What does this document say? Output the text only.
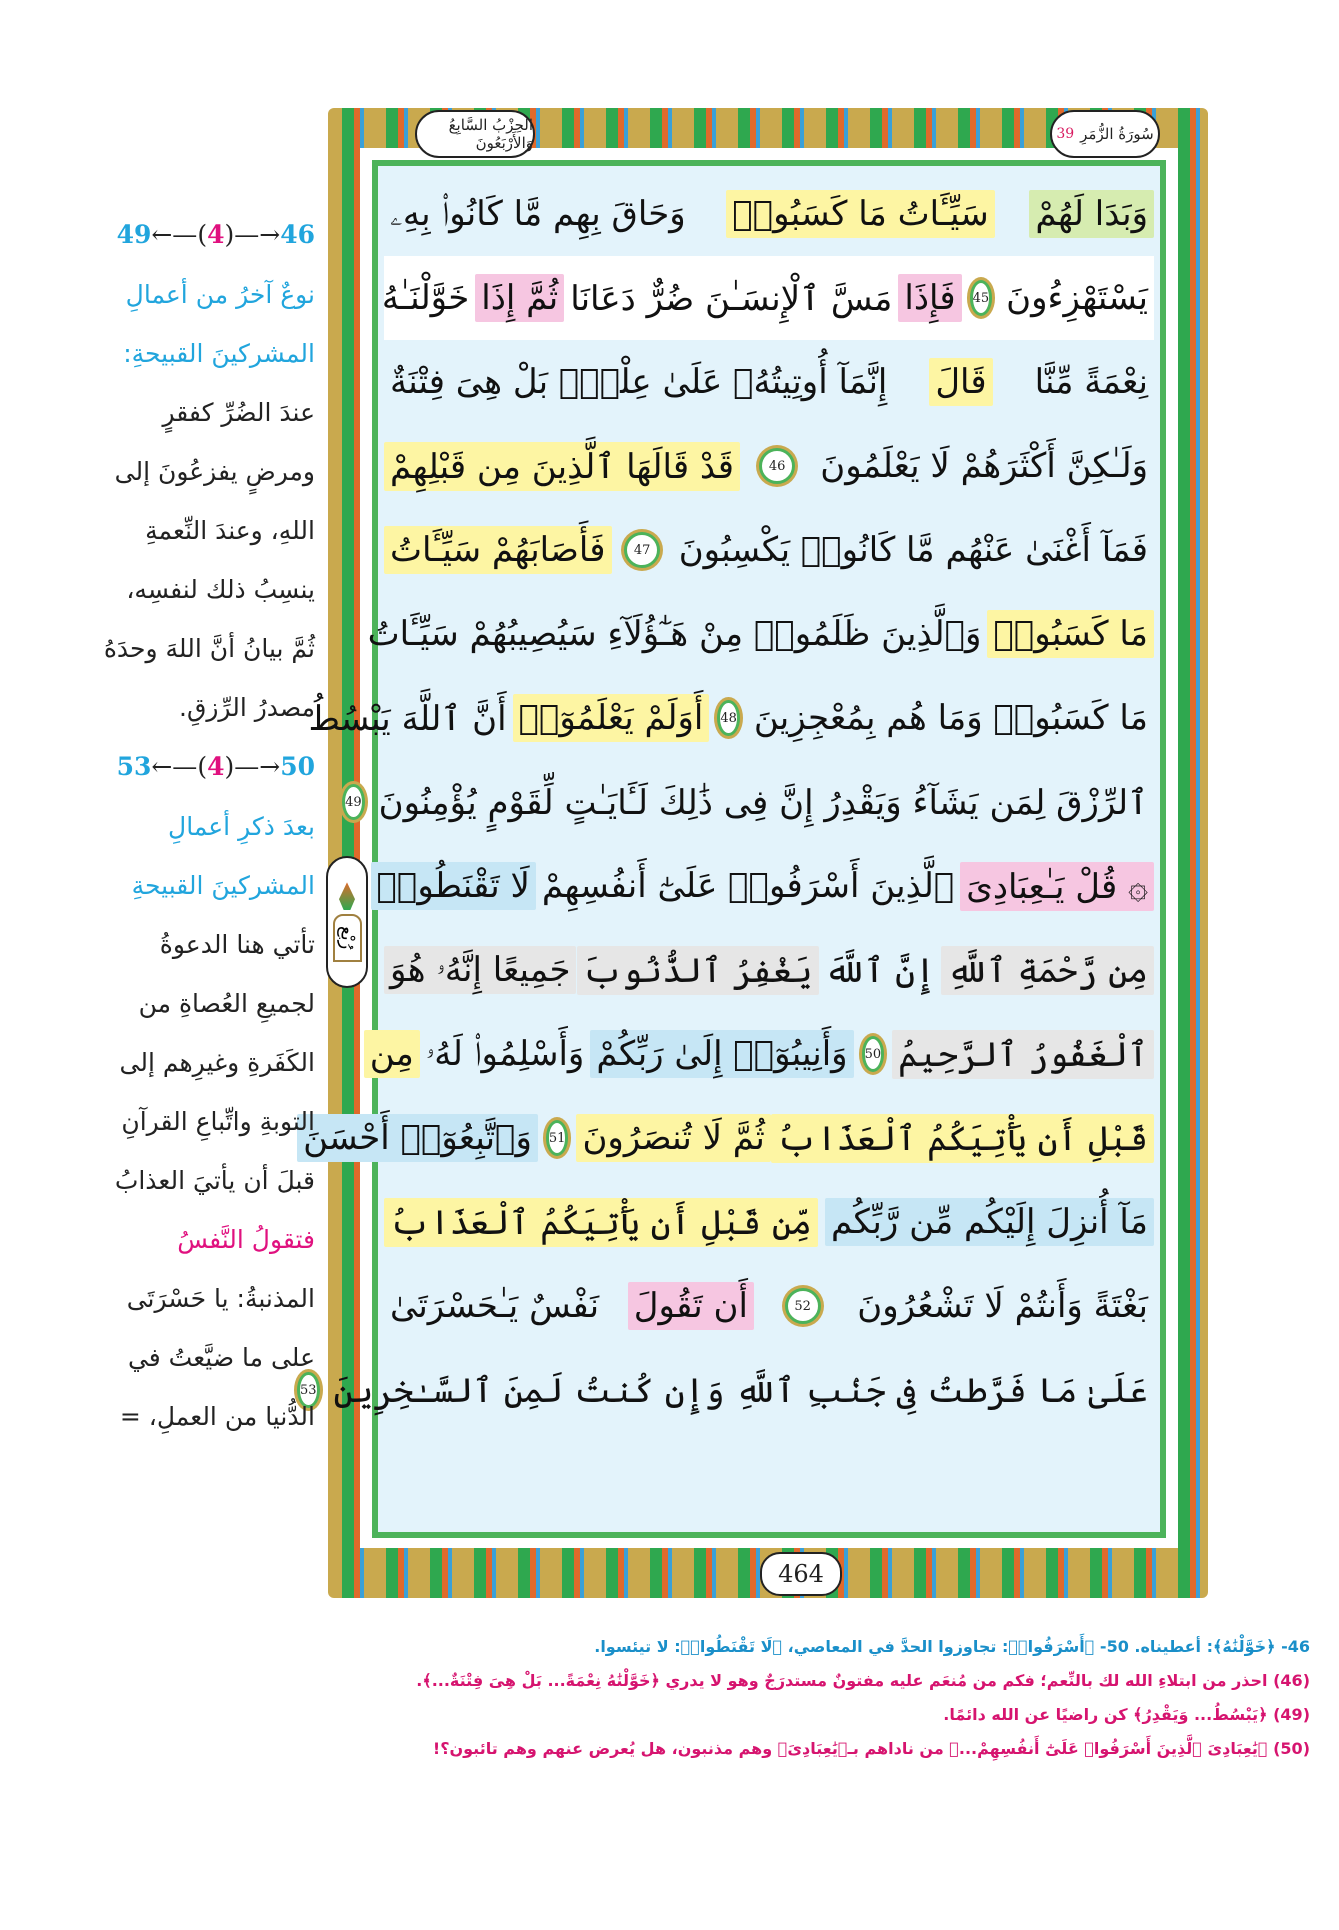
الحِزْبُ السَّابِعُ وَالأَرْبَعُونَ	سُورَةُ الزُّمَرِ
39
وَبَدَا لَهُمْ
سَيِّـَٔاتُ مَا كَسَبُوا۟
وَحَاقَ بِهِم مَّا كَانُوا۟ بِهِۦ
يَسْتَهْزِءُونَ
45
فَإِذَا
مَسَّ ٱلْإِنسَـٰنَ ضُرٌّ دَعَانَا
ثُمَّ إِذَا
خَوَّلْنَـٰهُ
نِعْمَةً مِّنَّا
قَالَ
إِنَّمَآ أُوتِيتُهُۥ عَلَىٰ عِلْمٍۭ بَلْ هِىَ فِتْنَةٌ
وَلَـٰكِنَّ أَكْثَرَهُمْ لَا يَعْلَمُونَ
46
قَدْ قَالَهَا ٱلَّذِينَ مِن قَبْلِهِمْ
فَمَآ أَغْنَىٰ عَنْهُم مَّا كَانُوا۟ يَكْسِبُونَ
47
فَأَصَابَهُمْ سَيِّـَٔاتُ
مَا كَسَبُوا۟
وَٱلَّذِينَ ظَلَمُوا۟ مِنْ هَـٰٓؤُلَآءِ سَيُصِيبُهُمْ سَيِّـَٔاتُ
مَا كَسَبُوا۟ وَمَا هُم بِمُعْجِزِينَ
48
أَوَلَمْ يَعْلَمُوٓا۟
أَنَّ ٱللَّهَ يَبْسُطُ
ٱلرِّزْقَ لِمَن يَشَآءُ وَيَقْدِرُ إِنَّ فِى ذَٰلِكَ لَـَٔايَـٰتٍ لِّقَوْمٍ يُؤْمِنُونَ
49
۞ قُلْ يَـٰعِبَادِىَ
ٱلَّذِينَ أَسْرَفُوا۟ عَلَىٰٓ أَنفُسِهِمْ
لَا تَقْنَطُوا۟
مِن رَّحْمَةِ ٱللَّهِ
إِنَّ ٱللَّهَ
يَغْفِرُ ٱلذُّنُوبَ
جَمِيعًا إِنَّهُۥ هُوَ
ٱلْغَفُورُ ٱلرَّحِيمُ
50
وَأَنِيبُوٓا۟ إِلَىٰ رَبِّكُمْ
وَأَسْلِمُوا۟ لَهُۥ
مِن
قَبْلِ أَن يَأْتِيَكُمُ ٱلْعَذَابُ
ثُمَّ لَا تُنصَرُونَ
51
وَٱتَّبِعُوٓا۟ أَحْسَنَ
مَآ أُنزِلَ إِلَيْكُم مِّن رَّبِّكُم
مِّن قَبْلِ أَن يَأْتِيَكُمُ ٱلْعَذَابُ
بَغْتَةً وَأَنتُمْ لَا تَشْعُرُونَ
52
أَن تَقُولَ
نَفْسٌ يَـٰحَسْرَتَىٰ
عَلَىٰ مَا فَرَّطتُ فِى جَنۢبِ ٱللَّهِ وَإِن كُنتُ لَمِنَ ٱلسَّـٰخِرِينَ
53
رُبْع
464
49←—(4)—→46
نوعٌ آخرُ من أعمالِ
المشركينَ القبيحةِ:
عندَ الضُرِّ كفقرٍ
ومرضٍ يفزعُونَ إلى
اللهِ، وعندَ النِّعمةِ
ينسِبُ ذلك لنفسِه،
ثُمَّ بيانُ أنَّ اللهَ وحدَهُ
مصدرُ الرِّزقِ.
53←—(4)—→50
بعدَ ذكرِ أعمالِ
المشركينَ القبيحةِ
تأتي هنا الدعوةُ
لجميعِ العُصاةِ من
الكَفَرةِ وغيرِهم إلى
التوبةِ واتِّباعِ القرآنِ
قبلَ أن يأتيَ العذابُ
فتقولُ النَّفسُ
المذنبةُ: يا حَسْرَتَى
على ما ضيَّعتُ في
الدُّنيا من العملِ، =
46- ﴿خَوَّلْنَٰهُ﴾: أعطيناه. 50- ﴿أَسْرَفُوا۟﴾: تجاوزوا الحدَّ في المعاصي، ﴿لَا تَقْنَطُوا۟﴾: لا تيئسوا.
(46) احذر من ابتلاءِ الله لك بالنِّعم؛ فكم من مُنعَم عليه مفتونٌ مستدرَجٌ وهو لا يدري ﴿خَوَّلْنَٰهُ نِعْمَةً... بَلْ هِىَ فِتْنَةٌ...﴾.
(49) ﴿يَبْسُطُ... وَيَقْدِرُ﴾ كن راضيًا عن الله دائمًا.
(50) ﴿يَٰعِبَادِىَ ٱلَّذِينَ أَسْرَفُوا۟ عَلَىٰٓ أَنفُسِهِمْ...﴾ من ناداهم بـ﴿يَٰعِبَادِىَ﴾ وهم مذنبون، هل يُعرض عنهم وهم تائبون؟!
